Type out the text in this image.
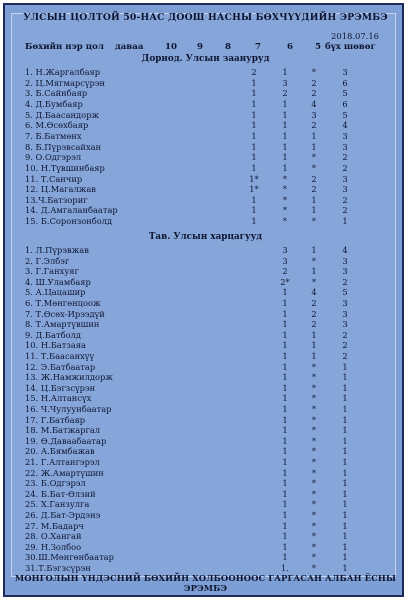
УЛСЫН ЦОЛТОЙ 50-НАС ДООШ НАСНЫ БӨХЧҮҮДИЙН ЭРЭМБЭ
2018.07.16
Бөхийн нэр цол даваа	10 9	8	7	6	5 бүх шөвөг
Дорнод. Улсын заануруд
1. Н.Жаргалбаяр	2	1	*	3
2. Ц.Мягмарсүрэн	1	3	2	6
3. Б.Сайнбаяр	1	2	2	5
4. Д.Бумбаяр	1	1	4	6
5. Д.Баасандорж	1	1	3	5
6. М.Өсөхбаяр	1	1	2	4
7. Б.Батмөнх	1	1	1	3
8. Б.Пүрэвсайхан	1	1	1	3
9. О.Одгэрэл	1	1	*	2
10. Н.Түвшинбаяр	1	1	*	2
11. Т.Санчир	1*	*	2	3
12. Ц.Магалжав	1*	*	2	3
13.Ч.Батзориг	1	*	1	2
14. Д.Амгаланбаатар	1	*	1	2
15. Б.Соронзонболд	1	*	*	1
Тав. Улсын харцагууд
1. Л.Пүрэвжав	3	1	4
2. Г.Элбэг	3	*	3
3. Г.Ганхуяг	2	1	3
4. Ш.Уламбаяр	2*	*	2
5. А.Цацашир	1	4	5
6. Т.Мөнгөнцоож	1	2	3
7. Т.Өсөх-Ирээдүй	1	2	3
8. Т.Амартүвшин	1	2	3
9. Д.Батболд	1	1	2
10. Н.Батзаяа	1	1	2
11. Т.Баасанхүү	1	1	2
12. Э.Батбаатар	1	*	1
13. Ж.Намжилдорж	1	*	1
14. Ц.Бэгзсүрэн	1	*	1
15. Н.Алтансүх	1	*	1
16. Ч.Чулуунбаатар	1	*	1
17. Г.Батбаяр	1	*	1
18. М.Батжаргал	1	*	1
19. Ө.Даваабаатар	1	*	1
20. А.Бямбажав	1	*	1
21. Г.Алтангэрэл	1	*	1
22. Ж.Амартүшин	1	*	1
23. Б.Одгэрэл	1	*	1
24. Б.Бат-Өлзий	1	*	1
25. Х.Ганзулга	1	*	1
26. Д.Бат-Эрдэнэ	1	*	1
27. М.Бадарч	1	*	1
28. О.Хангай	1	*	1
29. Н.Золбоо	1	*	1
30.Ш.Мөнгөнбаатар	1	*	1
31.Т.Бэгзсүрэн	1.	*	1
МОНГОЛЫН ҮНДЭСНИЙ БӨХИЙН ХОЛБООНООС ГАРГАСАН АЛБАН ЁСНЫ ЭРЭМБЭ
